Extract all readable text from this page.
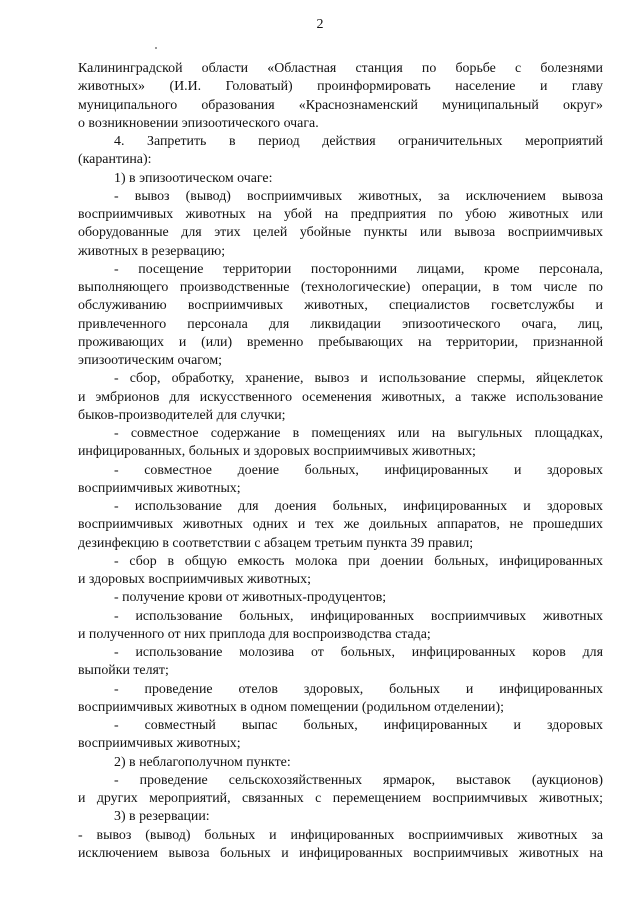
2
Калининградской области «Областная станция по борьбе с болезнями
животных» (И.И. Головатый) проинформировать население и главу
муниципального образования «Краснознаменский муниципальный округ»
о возникновении эпизоотического очага.
4. Запретить в период действия ограничительных мероприятий
(карантина):
1) в эпизоотическом очаге:
- вывоз (вывод) восприимчивых животных, за исключением вывоза
восприимчивых животных на убой на предприятия по убою животных или
оборудованные для этих целей убойные пункты или вывоза восприимчивых
животных в резервацию;
- посещение территории посторонними лицами, кроме персонала,
выполняющего производственные (технологические) операции, в том числе по
обслуживанию восприимчивых животных, специалистов госветслужбы и
привлеченного персонала для ликвидации эпизоотического очага, лиц,
проживающих и (или) временно пребывающих на территории, признанной
эпизоотическим очагом;
- сбор, обработку, хранение, вывоз и использование спермы, яйцеклеток
и эмбрионов для искусственного осеменения животных, а также использование
быков-производителей для случки;
- совместное содержание в помещениях или на выгульных площадках,
инфицированных, больных и здоровых восприимчивых животных;
- совместное доение больных, инфицированных и здоровых
восприимчивых животных;
- использование для доения больных, инфицированных и здоровых
восприимчивых животных одних и тех же доильных аппаратов, не прошедших
дезинфекцию в соответствии с абзацем третьим пункта 39 правил;
- сбор в общую емкость молока при доении больных, инфицированных
и здоровых восприимчивых животных;
- получение крови от животных-продуцентов;
- использование больных, инфицированных восприимчивых животных
и полученного от них приплода для воспроизводства стада;
- использование молозива от больных, инфицированных коров для
выпойки телят;
- проведение отелов здоровых, больных и инфицированных
восприимчивых животных в одном помещении (родильном отделении);
- совместный выпас больных, инфицированных и здоровых
восприимчивых животных;
2) в неблагополучном пункте:
- проведение сельскохозяйственных ярмарок, выставок (аукционов)
и других мероприятий, связанных с перемещением восприимчивых животных;
3) в резервации:
- вывоз (вывод) больных и инфицированных восприимчивых животных за
исключением вывоза больных и инфицированных восприимчивых животных на
